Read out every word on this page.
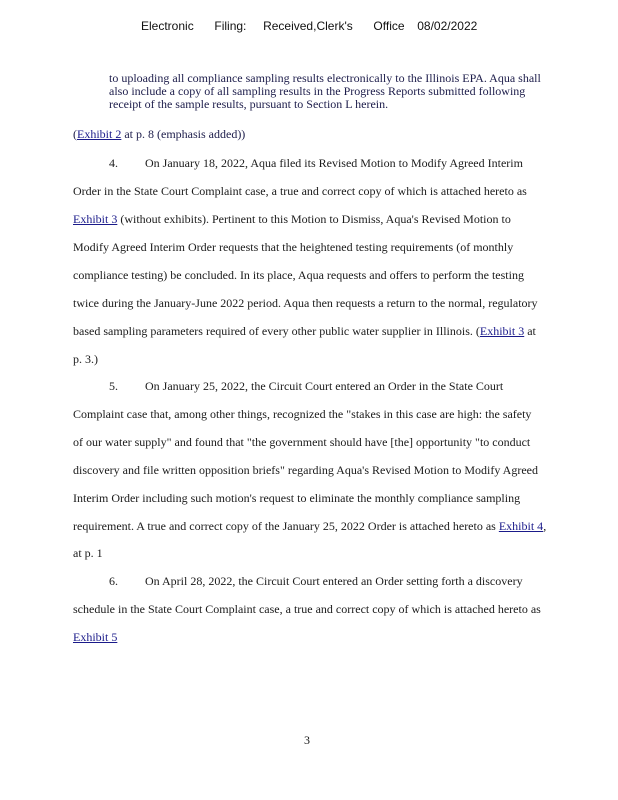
Electronic Filing: Received,Clerk's Office 08/02/2022

to uploading all compliance sampling results electronically to the Illinois EPA. Aqua shall

also include a copy of all sampling results in the Progress Reports submitted following

receipt of the sample results, pursuant to Section L herein.

(Exhibit 2 at p. 8 (emphasis added))
4. On January 18, 2022, Aqua filed its Revised Motion to Modify Agreed Interim
Order in the State Court Complaint case, a true and correct copy of which is attached hereto as
Exhibit 3 (without exhibits). Pertinent to this Motion to Dismiss, Aqua's Revised Motion to
Modify Agreed Interim Order requests that the heightened testing requirements (of monthly
compliance testing) be concluded. In its place, Aqua requests and offers to perform the testing
twice during the January-June 2022 period. Aqua then requests a return to the normal, regulatory
based sampling parameters required of every other public water supplier in Illinois. (Exhibit 3 at
p. 3.)
5. On January 25, 2022, the Circuit Court entered an Order in the State Court
Complaint case that, among other things, recognized the "stakes in this case are high: the safety
of our water supply" and found that "the government should have [the] opportunity "to conduct
discovery and file written opposition briefs" regarding Aqua's Revised Motion to Modify Agreed
Interim Order including such motion's request to eliminate the monthly compliance sampling
requirement. A true and correct copy of the January 25, 2022 Order is attached hereto as Exhibit 4,
at p. 1
6. On April 28, 2022, the Circuit Court entered an Order setting forth a discovery
schedule in the State Court Complaint case, a true and correct copy of which is attached hereto as
Exhibit 5
3
